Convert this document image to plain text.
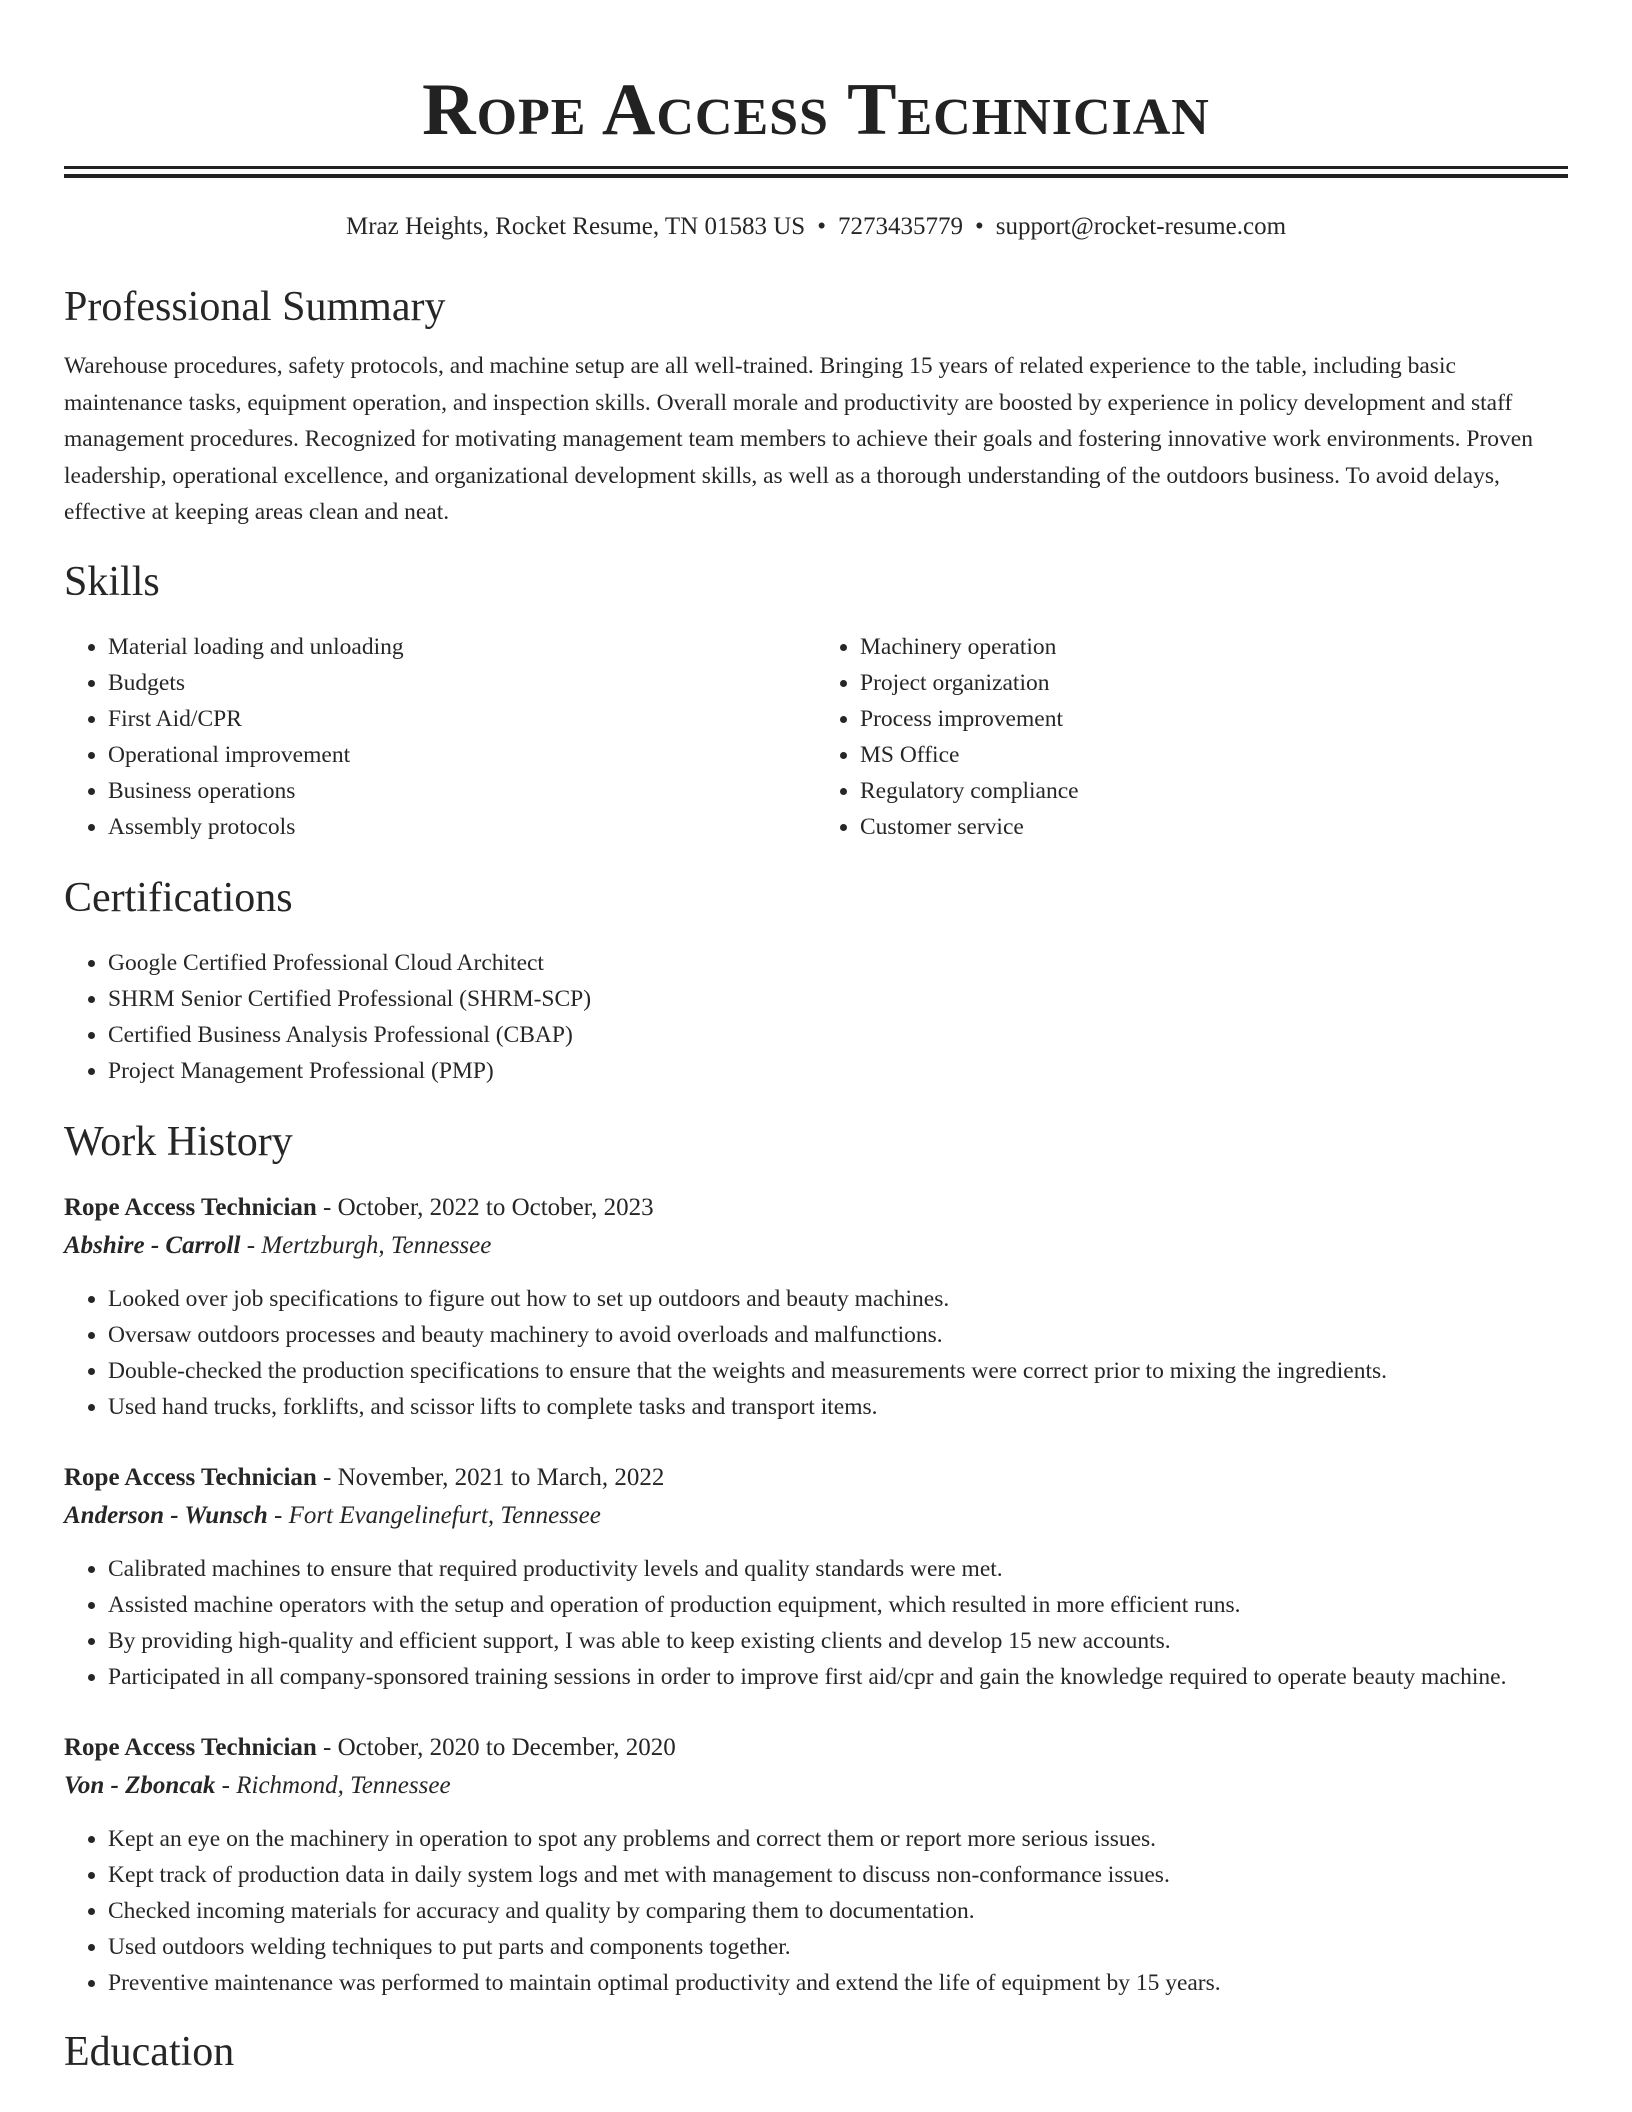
Rope Access Technician
Mraz Heights, Rocket Resume, TN 01583 US • 7273435779 • support@rocket-resume.com
Professional Summary
Warehouse procedures, safety protocols, and machine setup are all well-trained. Bringing 15 years of related experience to the table, including basic maintenance tasks, equipment operation, and inspection skills. Overall morale and productivity are boosted by experience in policy development and staff management procedures. Recognized for motivating management team members to achieve their goals and fostering innovative work environments. Proven leadership, operational excellence, and organizational development skills, as well as a thorough understanding of the outdoors business. To avoid delays, effective at keeping areas clean and neat.
Skills
• Material loading and unloading
• Budgets
• First Aid/CPR
• Operational improvement
• Business operations
• Assembly protocols
• Machinery operation
• Project organization
• Process improvement
• MS Office
• Regulatory compliance
• Customer service
Certifications
• Google Certified Professional Cloud Architect
• SHRM Senior Certified Professional (SHRM-SCP)
• Certified Business Analysis Professional (CBAP)
• Project Management Professional (PMP)
Work History
Rope Access Technician - October, 2022 to October, 2023
Abshire - Carroll - Mertzburgh, Tennessee
• Looked over job specifications to figure out how to set up outdoors and beauty machines.
• Oversaw outdoors processes and beauty machinery to avoid overloads and malfunctions.
• Double-checked the production specifications to ensure that the weights and measurements were correct prior to mixing the ingredients.
• Used hand trucks, forklifts, and scissor lifts to complete tasks and transport items.
Rope Access Technician - November, 2021 to March, 2022
Anderson - Wunsch - Fort Evangelinefurt, Tennessee
• Calibrated machines to ensure that required productivity levels and quality standards were met.
• Assisted machine operators with the setup and operation of production equipment, which resulted in more efficient runs.
• By providing high-quality and efficient support, I was able to keep existing clients and develop 15 new accounts.
• Participated in all company-sponsored training sessions in order to improve first aid/cpr and gain the knowledge required to operate beauty machine.
Rope Access Technician - October, 2020 to December, 2020
Von - Zboncak - Richmond, Tennessee
• Kept an eye on the machinery in operation to spot any problems and correct them or report more serious issues.
• Kept track of production data in daily system logs and met with management to discuss non-conformance issues.
• Checked incoming materials for accuracy and quality by comparing them to documentation.
• Used outdoors welding techniques to put parts and components together.
• Preventive maintenance was performed to maintain optimal productivity and extend the life of equipment by 15 years.
Education
